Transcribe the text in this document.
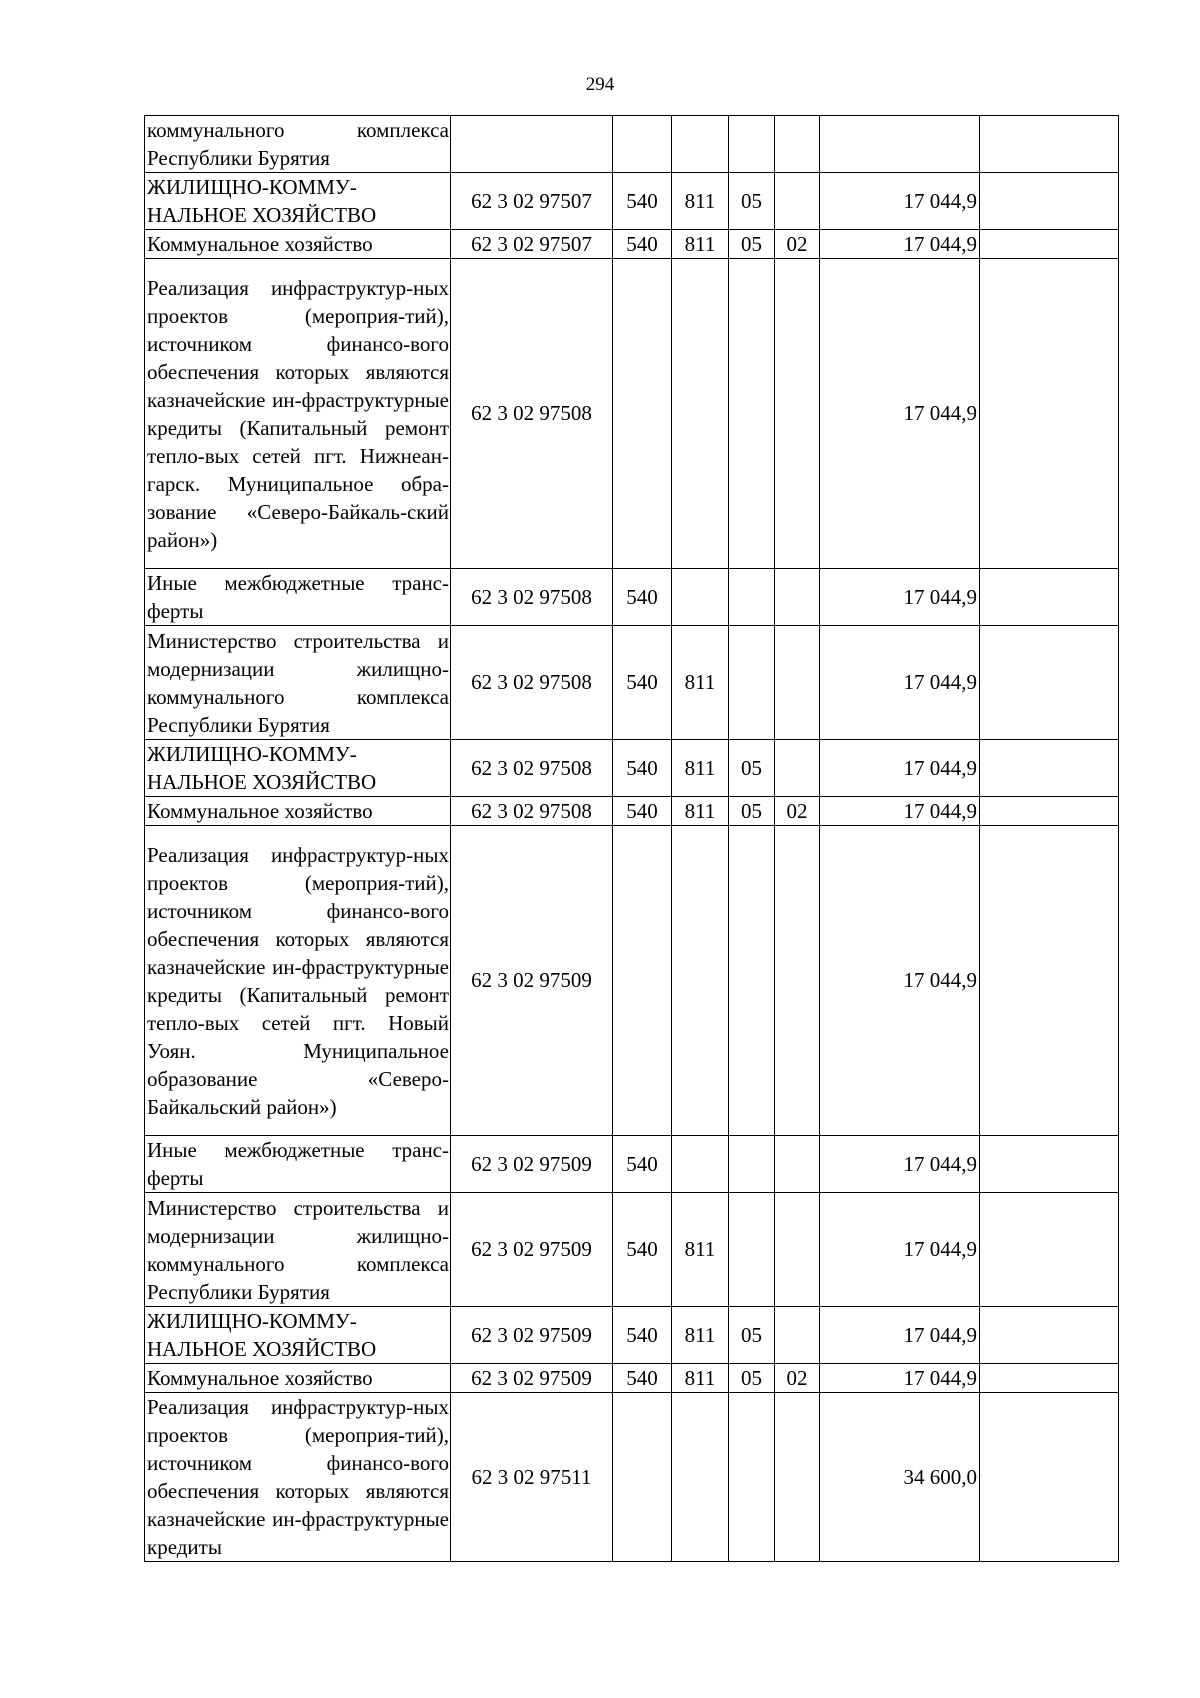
294
коммунального комплекса Республики Бурятия							
ЖИЛИЩНО-КОММУ-НАЛЬНОЕ ХОЗЯЙСТВО	62 3 02 97507	540	811	05		17 044,9	
Коммунальное хозяйство	62 3 02 97507	540	811	05	02	17 044,9	
Реализация инфраструктур-ных проектов (мероприя-тий), источником финансо-вого обеспечения которых являются казначейские ин-фраструктурные кредиты (Капитальный ремонт тепло-вых сетей пгт. Нижнеан-гарск. Муниципальное обра-зование «Северо-Байкаль-ский район»)	62 3 02 97508					17 044,9	
Иные межбюджетные транс-ферты	62 3 02 97508	540				17 044,9	
Министерство строительства и модернизации жилищно-коммунального комплекса Республики Бурятия	62 3 02 97508	540	811			17 044,9	
ЖИЛИЩНО-КОММУ-НАЛЬНОЕ ХОЗЯЙСТВО	62 3 02 97508	540	811	05		17 044,9	
Коммунальное хозяйство	62 3 02 97508	540	811	05	02	17 044,9	
Реализация инфраструктур-ных проектов (мероприя-тий), источником финансо-вого обеспечения которых являются казначейские ин-фраструктурные кредиты (Капитальный ремонт тепло-вых сетей пгт. Новый Уоян. Муниципальное образование «Северо-Байкальский район»)	62 3 02 97509					17 044,9	
Иные межбюджетные транс-ферты	62 3 02 97509	540				17 044,9	
Министерство строительства и модернизации жилищно-коммунального комплекса Республики Бурятия	62 3 02 97509	540	811			17 044,9	
ЖИЛИЩНО-КОММУ-НАЛЬНОЕ ХОЗЯЙСТВО	62 3 02 97509	540	811	05		17 044,9	
Коммунальное хозяйство	62 3 02 97509	540	811	05	02	17 044,9	
Реализация инфраструктур-ных проектов (мероприя-тий), источником финансо-вого обеспечения которых являются казначейские ин-фраструктурные кредиты	62 3 02 97511					34 600,0	
